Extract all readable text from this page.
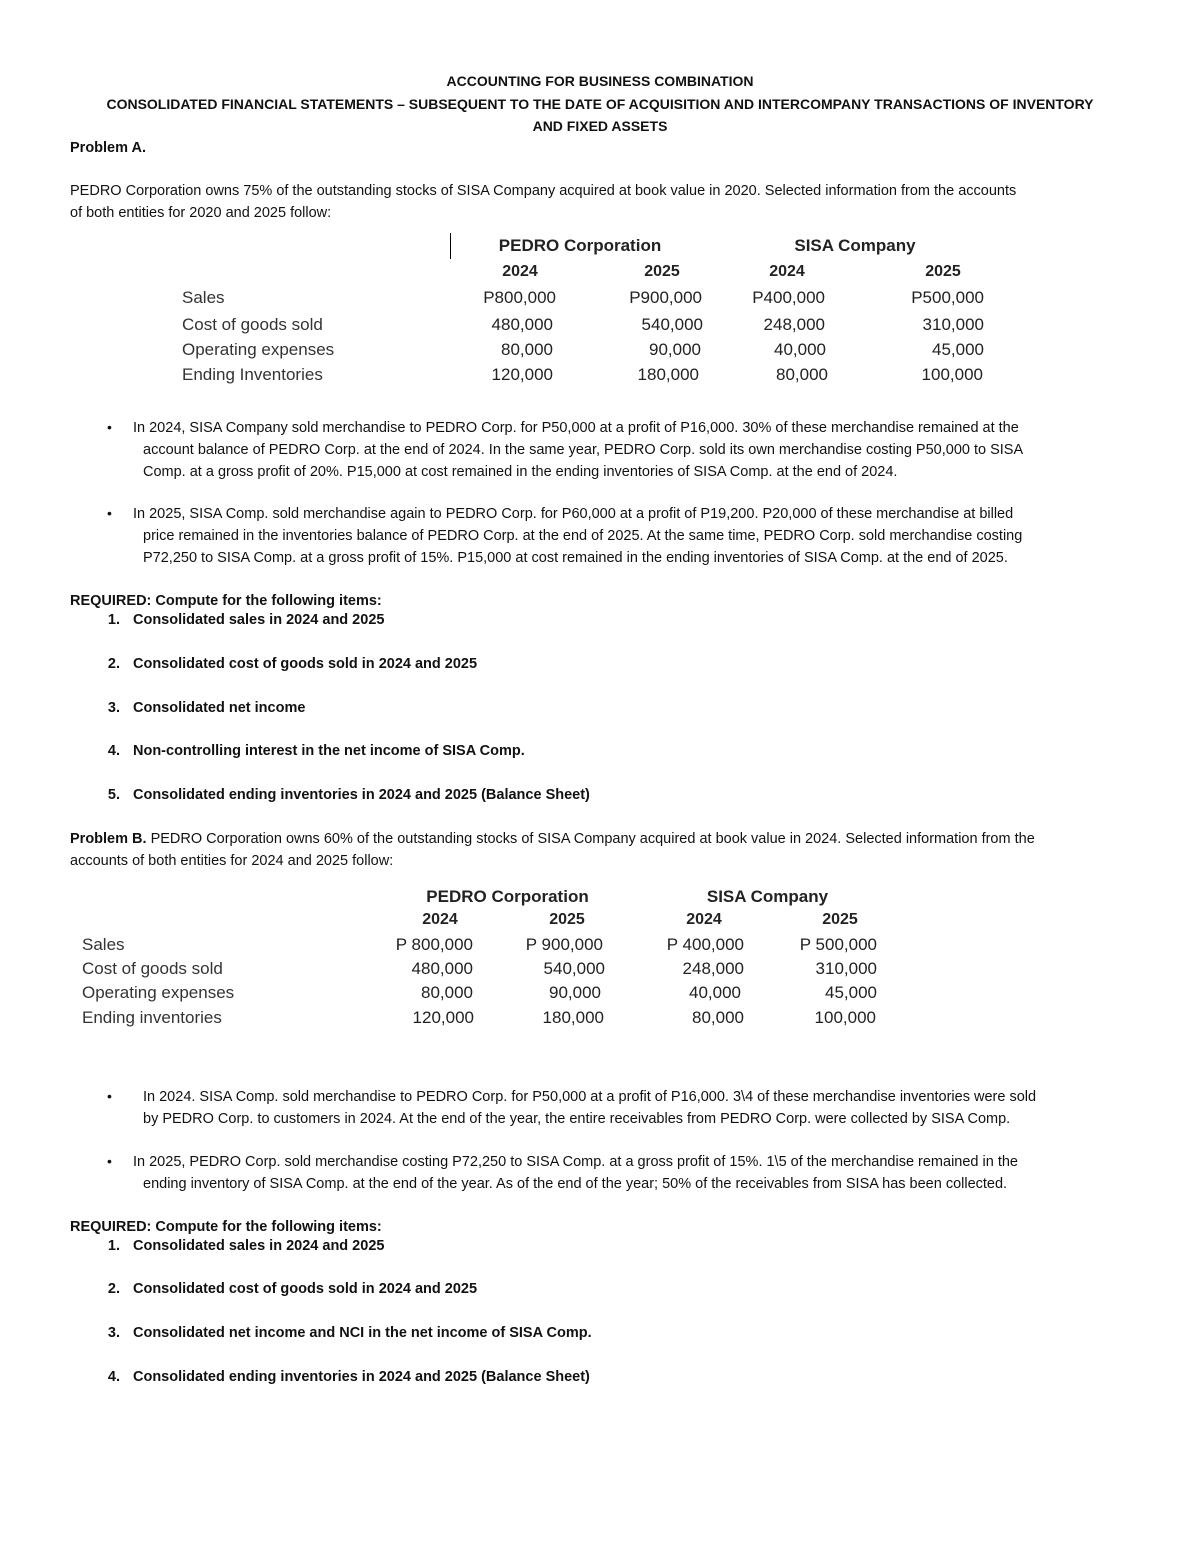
ACCOUNTING FOR BUSINESS COMBINATION
CONSOLIDATED FINANCIAL STATEMENTS – SUBSEQUENT TO THE DATE OF ACQUISITION AND INTERCOMPANY TRANSACTIONS OF INVENTORY
AND FIXED ASSETS
Problem A.
PEDRO Corporation owns 75% of the outstanding stocks of SISA Company acquired at book value in 2020. Selected information from the accounts
of both entities for 2020 and 2025 follow:
PEDRO Corporation	SISA Company
2024	2025	2024	2025
Sales	P800,000	P900,000	P400,000	P500,000
Cost of goods sold	480,000	540,000	248,000	310,000
Operating expenses	80,000	90,000	40,000	45,000
Ending Inventories	120,000	180,000	80,000	100,000
• In 2024, SISA Company sold merchandise to PEDRO Corp. for P50,000 at a profit of P16,000. 30% of these merchandise remained at the
account balance of PEDRO Corp. at the end of 2024. In the same year, PEDRO Corp. sold its own merchandise costing P50,000 to SISA
Comp. at a gross profit of 20%. P15,000 at cost remained in the ending inventories of SISA Comp. at the end of 2024.
• In 2025, SISA Comp. sold merchandise again to PEDRO Corp. for P60,000 at a profit of P19,200. P20,000 of these merchandise at billed
price remained in the inventories balance of PEDRO Corp. at the end of 2025. At the same time, PEDRO Corp. sold merchandise costing
P72,250 to SISA Comp. at a gross profit of 15%. P15,000 at cost remained in the ending inventories of SISA Comp. at the end of 2025.
REQUIRED: Compute for the following items:
1. Consolidated sales in 2024 and 2025
2. Consolidated cost of goods sold in 2024 and 2025
3. Consolidated net income
4. Non-controlling interest in the net income of SISA Comp.
5. Consolidated ending inventories in 2024 and 2025 (Balance Sheet)
Problem B. PEDRO Corporation owns 60% of the outstanding stocks of SISA Company acquired at book value in 2024. Selected information from the
accounts of both entities for 2024 and 2025 follow:
PEDRO Corporation	SISA Company
2024	2025	2024	2025
Sales	P 800,000	P 900,000	P 400,000	P 500,000
Cost of goods sold	480,000	540,000	248,000	310,000
Operating expenses	80,000	90,000	40,000	45,000
Ending inventories	120,000	180,000	80,000	100,000
• In 2024. SISA Comp. sold merchandise to PEDRO Corp. for P50,000 at a profit of P16,000. 3\4 of these merchandise inventories were sold
by PEDRO Corp. to customers in 2024. At the end of the year, the entire receivables from PEDRO Corp. were collected by SISA Comp.
• In 2025, PEDRO Corp. sold merchandise costing P72,250 to SISA Comp. at a gross profit of 15%. 1\5 of the merchandise remained in the
ending inventory of SISA Comp. at the end of the year. As of the end of the year; 50% of the receivables from SISA has been collected.
REQUIRED: Compute for the following items:
1. Consolidated sales in 2024 and 2025
2. Consolidated cost of goods sold in 2024 and 2025
3. Consolidated net income and NCI in the net income of SISA Comp.
4. Consolidated ending inventories in 2024 and 2025 (Balance Sheet)
